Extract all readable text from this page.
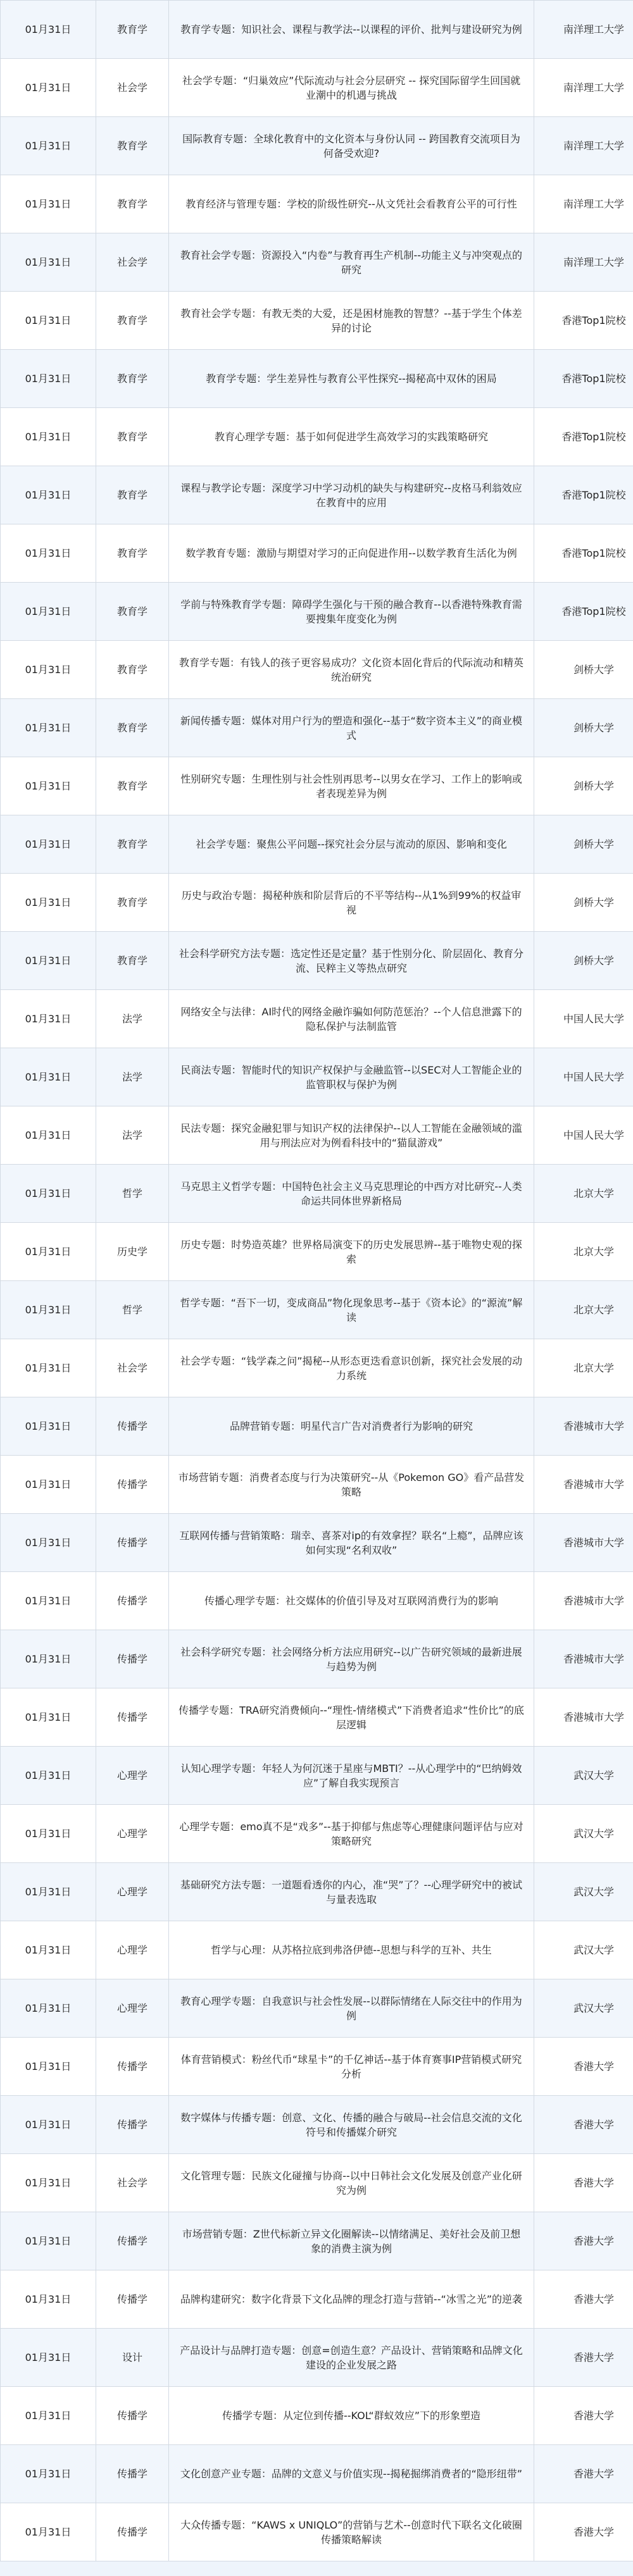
01月31日	教育学	教育学专题：知识社会、课程与教学法--以课程的评价、批判与建设研究为例	南洋理工大学
01月31日	社会学	社会学专题：“归巢效应”代际流动与社会分层研究 -- 探究国际留学生回国就业潮中的机遇与挑战	南洋理工大学
01月31日	教育学	国际教育专题：全球化教育中的文化资本与身份认同 -- 跨国教育交流项目为何备受欢迎?	南洋理工大学
01月31日	教育学	教育经济与管理专题：学校的阶级性研究--从文凭社会看教育公平的可行性	南洋理工大学
01月31日	社会学	教育社会学专题：资源投入“内卷”与教育再生产机制--功能主义与冲突观点的研究	南洋理工大学
01月31日	教育学	教育社会学专题：有教无类的大爱，还是困材施教的智慧？--基于学生个体差异的讨论	香港Top1院校
01月31日	教育学	教育学专题：学生差异性与教育公平性探究--揭秘高中双休的困局	香港Top1院校
01月31日	教育学	教育心理学专题：基于如何促进学生高效学习的实践策略研究	香港Top1院校
01月31日	教育学	课程与教学论专题：深度学习中学习动机的缺失与构建研究--皮格马利翁效应在教育中的应用	香港Top1院校
01月31日	教育学	数学教育专题：激励与期望对学习的正向促进作用--以数学教育生活化为例	香港Top1院校
01月31日	教育学	学前与特殊教育学专题：障碍学生强化与干预的融合教育--以香港特殊教育需要搜集年度变化为例	香港Top1院校
01月31日	教育学	教育学专题：有钱人的孩子更容易成功？文化资本固化背后的代际流动和精英统治研究	剑桥大学
01月31日	教育学	新闻传播专题：媒体对用户行为的塑造和强化--基于“数字资本主义”的商业模式	剑桥大学
01月31日	教育学	性别研究专题：生理性别与社会性别再思考--以男女在学习、工作上的影响或者表现差异为例	剑桥大学
01月31日	教育学	社会学专题：聚焦公平问题--探究社会分层与流动的原因、影响和变化	剑桥大学
01月31日	教育学	历史与政治专题：揭秘种族和阶层背后的不平等结构--从1%到99%的权益审视	剑桥大学
01月31日	教育学	社会科学研究方法专题：选定性还是定量？基于性别分化、阶层固化、教育分流、民粹主义等热点研究	剑桥大学
01月31日	法学	网络安全与法律：AI时代的网络金融诈骗如何防范惩治？--个人信息泄露下的隐私保护与法制监管	中国人民大学
01月31日	法学	民商法专题：智能时代的知识产权保护与金融监管--以SEC对人工智能企业的监管职权与保护为例	中国人民大学
01月31日	法学	民法专题：探究金融犯罪与知识产权的法律保护--以人工智能在金融领域的滥用与刑法应对为例看科技中的“猫鼠游戏”	中国人民大学
01月31日	哲学	马克思主义哲学专题：中国特色社会主义马克思理论的中西方对比研究--人类命运共同体世界新格局	北京大学
01月31日	历史学	历史专题：时势造英雄？世界格局演变下的历史发展思辨--基于唯物史观的探索	北京大学
01月31日	哲学	哲学专题：“吾下一切，变成商品”物化现象思考--基于《资本论》的“源流”解读	北京大学
01月31日	社会学	社会学专题：“钱学森之问”揭秘--从形态更迭看意识创新，探究社会发展的动力系统	北京大学
01月31日	传播学	品牌营销专题：明星代言广告对消费者行为影响的研究	香港城市大学
01月31日	传播学	市场营销专题：消费者态度与行为决策研究--从《Pokemon GO》看产品营发策略	香港城市大学
01月31日	传播学	互联网传播与营销策略：瑞幸、喜茶对ip的有效拿捏？联名“上瘾”，品牌应该如何实现“名利双收”	香港城市大学
01月31日	传播学	传播心理学专题：社交媒体的价值引导及对互联网消费行为的影响	香港城市大学
01月31日	传播学	社会科学研究专题：社会网络分析方法应用研究--以广告研究领域的最新进展与趋势为例	香港城市大学
01月31日	传播学	传播学专题：TRA研究消费倾向--“理性-情绪模式”下消费者追求“性价比”的底层逻辑	香港城市大学
01月31日	心理学	认知心理学专题：年轻人为何沉迷于星座与MBTI？--从心理学中的“巴纳姆效应”了解自我实现预言	武汉大学
01月31日	心理学	心理学专题：emo真不是“戏多”--基于抑郁与焦虑等心理健康问题评估与应对策略研究	武汉大学
01月31日	心理学	基础研究方法专题：一道题看透你的内心，准“哭”了？--心理学研究中的被试与量表选取	武汉大学
01月31日	心理学	哲学与心理：从苏格拉底到弗洛伊德--思想与科学的互补、共生	武汉大学
01月31日	心理学	教育心理学专题：自我意识与社会性发展--以群际情绪在人际交往中的作用为例	武汉大学
01月31日	传播学	体育营销模式：粉丝代币“球星卡”的千亿神话--基于体育赛事IP营销模式研究分析	香港大学
01月31日	传播学	数字媒体与传播专题：创意、文化、传播的融合与破局--社会信息交流的文化符号和传播媒介研究	香港大学
01月31日	社会学	文化管理专题：民族文化碰撞与协商--以中日韩社会文化发展及创意产业化研究为例	香港大学
01月31日	传播学	市场营销专题：Z世代标新立异文化圈解读--以情绪满足、美好社会及前卫想象的消费主演为例	香港大学
01月31日	传播学	品牌构建研究：数字化背景下文化品牌的理念打造与营销--“冰雪之光”的逆袭	香港大学
01月31日	设计	产品设计与品牌打造专题：创意=创造生意？产品设计、营销策略和品牌文化建设的企业发展之路	香港大学
01月31日	传播学	传播学专题：从定位到传播--KOL“群蚁效应”下的形象塑造	香港大学
01月31日	传播学	文化创意产业专题：品牌的文意义与价值实现--揭秘掘绑消费者的“隐形纽带”	香港大学
01月31日	传播学	大众传播专题：“KAWS x UNIQLO”的营销与艺术--创意时代下联名文化破圈传播策略解读	香港大学
